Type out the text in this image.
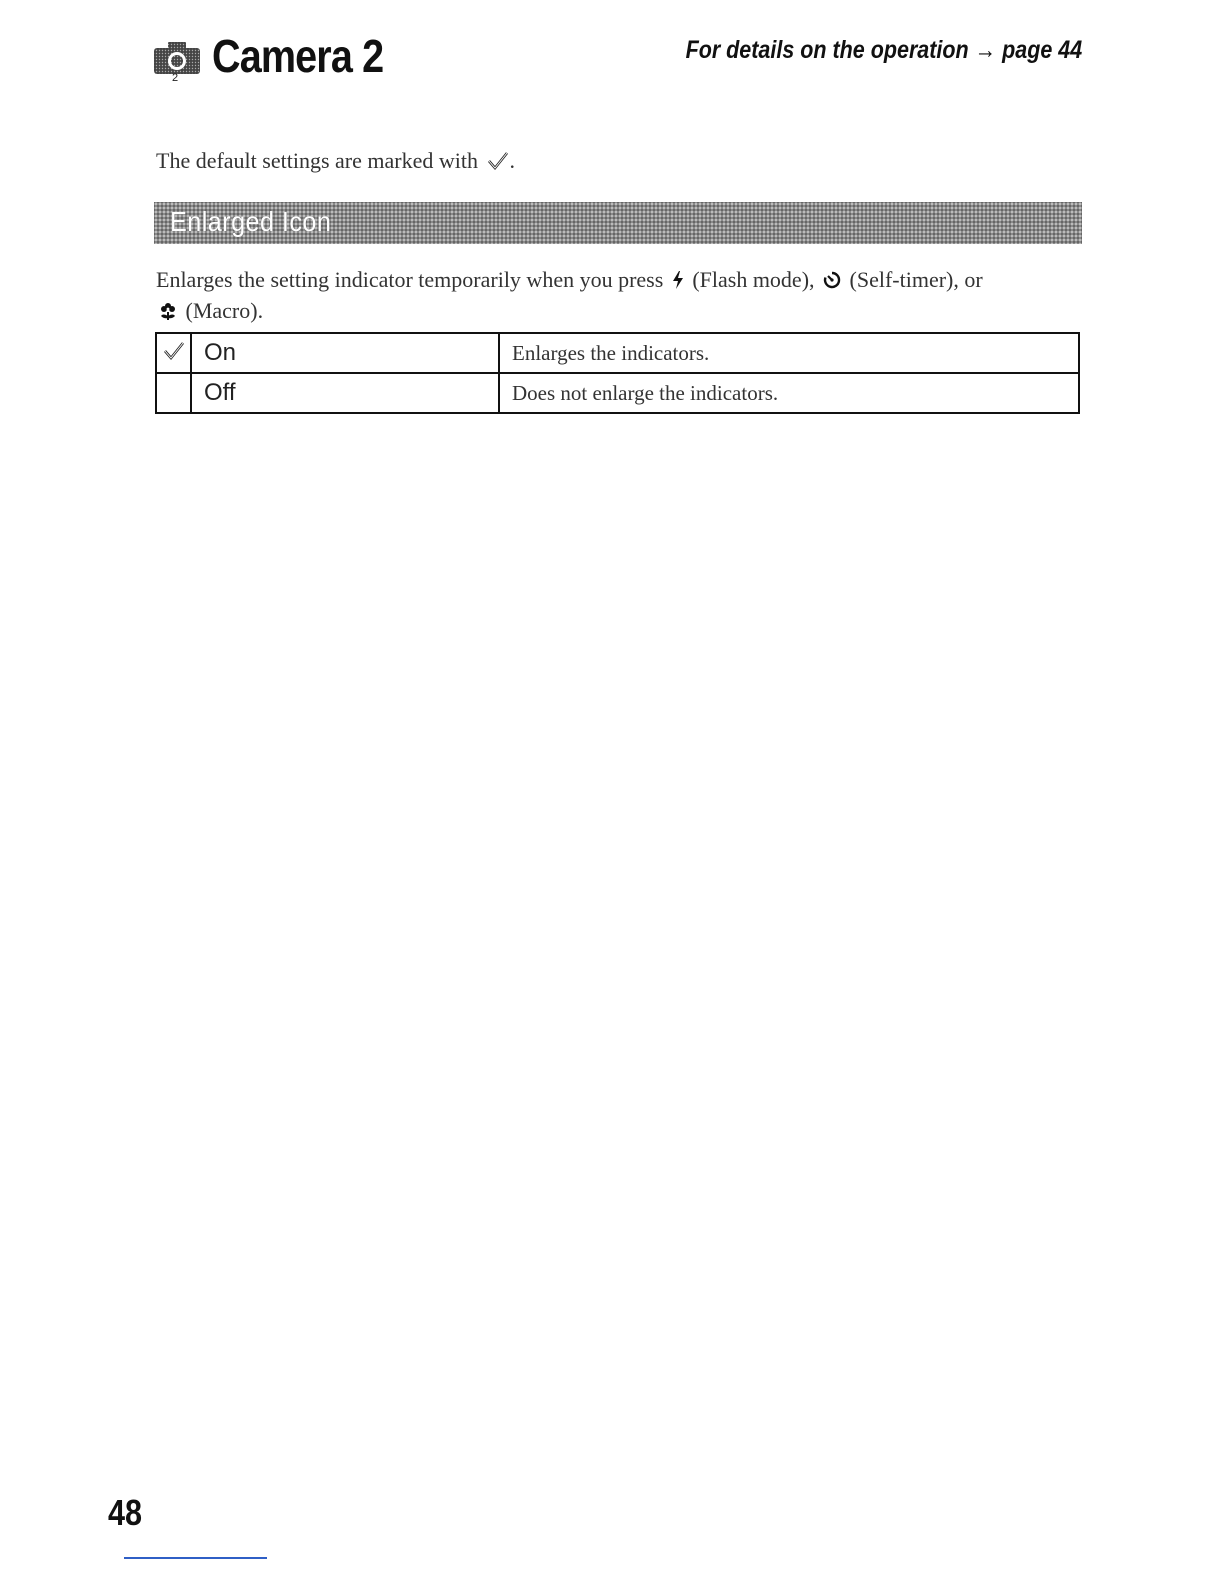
2 Camera 2	For details on the operation → page 44
The default settings are marked with .
Enlarged Icon
Enlarges the setting indicator temporarily when you press (Flash mode), (Self-timer), or
(Macro).
	On	Enlarges the indicators.
	Off	Does not enlarge the indicators.
48
